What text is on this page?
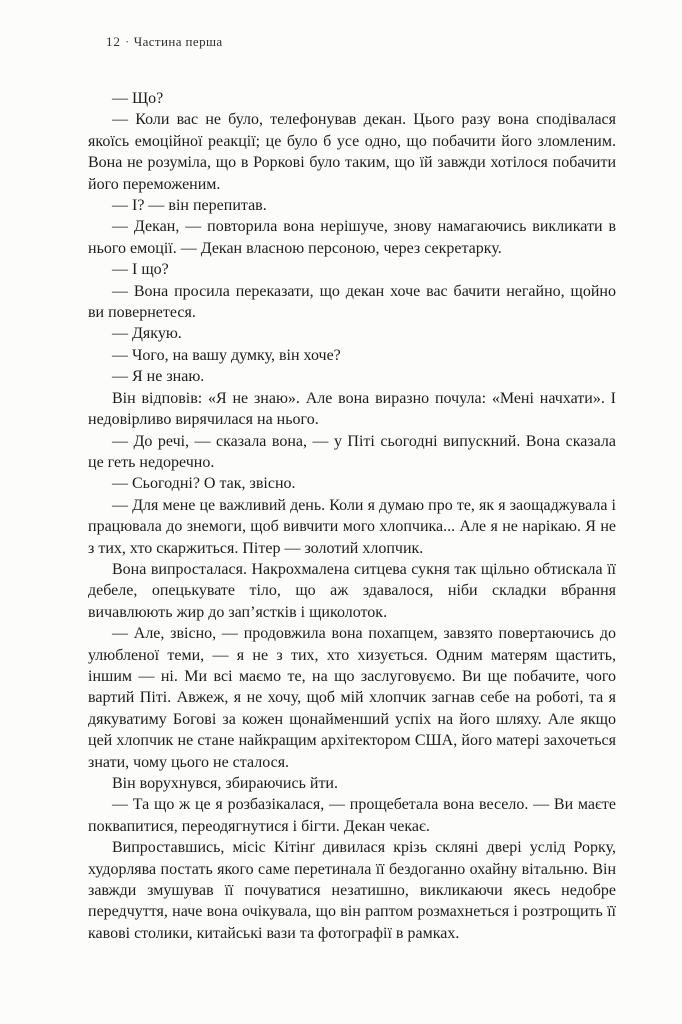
12 · Частина перша

— Що?

— Коли вас не було, телефонував декан. Цього разу вона сподівалася якоїсь емоційної реакції; це було б усе одно, що побачити його зломленим. Вона не розуміла, що в Роркові було таким, що їй завжди хотілося побачити його переможеним.

— І? — він перепитав.

— Декан, — повторила вона нерішуче, знову намагаючись викликати в нього емоції. — Декан власною персоною, через секретарку.

— І що?

— Вона просила переказати, що декан хоче вас бачити негайно, щойно ви повернетеся.

— Дякую.

— Чого, на вашу думку, він хоче?

— Я не знаю.

Він відповів: «Я не знаю». Але вона виразно почула: «Мені начхати». І недовірливо вирячилася на нього.

— До речі, — сказала вона, — у Піті сьогодні випускний. Вона сказала це геть недоречно.

— Сьогодні? О так, звісно.

— Для мене це важливий день. Коли я думаю про те, як я заощаджувала і працювала до знемоги, щоб вивчити мого хлопчика... Але я не нарікаю. Я не з тих, хто скаржиться. Пітер — золотий хлопчик.

Вона випросталася. Накрохмалена ситцева сукня так щільно обтискала її дебеле, опецькувате тіло, що аж здавалося, ніби складки вбрання вичавлюють жир до зап’ястків і щиколоток.

— Але, звісно, — продовжила вона похапцем, завзято повертаючись до улюбленої теми, — я не з тих, хто хизується. Одним матерям щастить, іншим — ні. Ми всі маємо те, на що заслуговуємо. Ви ще побачите, чого вартий Піті. Авжеж, я не хочу, щоб мій хлопчик загнав себе на роботі, та я дякуватиму Богові за кожен щонайменший успіх на його шляху. Але якщо цей хлопчик не стане найкращим архітектором США, його матері захочеться знати, чому цього не сталося.

Він ворухнувся, збираючись йти.

— Та що ж це я розбазікалася, — прощебетала вона весело. — Ви маєте поквапитися, переодягнутися і бігти. Декан чекає.

Випроставшись, місіс Кітінґ дивилася крізь скляні двері услід Рорку, худорлява постать якого саме перетинала її бездоганно охайну вітальню. Він завжди змушував її почуватися незатишно, викликаючи якесь недобре передчуття, наче вона очікувала, що він раптом розмахнеться і розтрощить її кавові столики, китайські вази та фотографії в рамках.
